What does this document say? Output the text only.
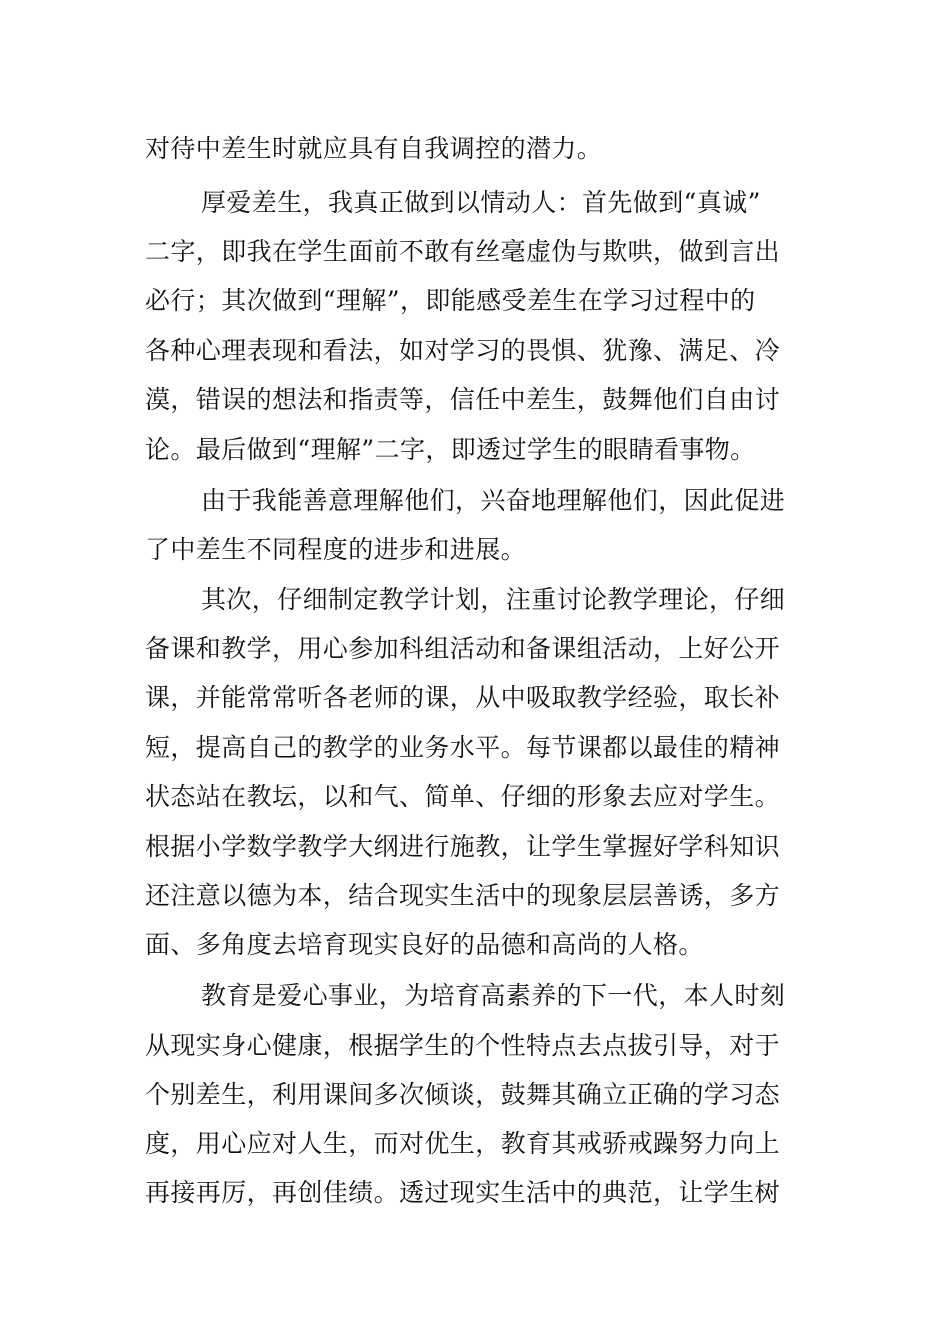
对待中差生时就应具有自我调控的潜力。

厚爱差生，我真正做到以情动人：首先做到“真诚”

二字，即我在学生面前不敢有丝毫虚伪与欺哄，做到言出

必行；其次做到“理解”，即能感受差生在学习过程中的

各种心理表现和看法，如对学习的畏惧、犹豫、满足、冷

漠，错误的想法和指责等，信任中差生，鼓舞他们自由讨

论。最后做到“理解”二字，即透过学生的眼睛看事物。

由于我能善意理解他们，兴奋地理解他们，因此促进

了中差生不同程度的进步和进展。

其次，仔细制定教学计划，注重讨论教学理论，仔细

备课和教学，用心参加科组活动和备课组活动，上好公开

课，并能常常听各老师的课，从中吸取教学经验，取长补

短，提高自己的教学的业务水平。每节课都以最佳的精神

状态站在教坛，以和气、简单、仔细的形象去应对学生。

根据小学数学教学大纲进行施教，让学生掌握好学科知识

还注意以德为本，结合现实生活中的现象层层善诱，多方

面、多角度去培育现实良好的品德和高尚的人格。

教育是爱心事业，为培育高素养的下一代，本人时刻

从现实身心健康，根据学生的个性特点去点拔引导，对于

个别差生，利用课间多次倾谈，鼓舞其确立正确的学习态

度，用心应对人生，而对优生，教育其戒骄戒躁努力向上

再接再厉，再创佳绩。透过现实生活中的典范，让学生树
